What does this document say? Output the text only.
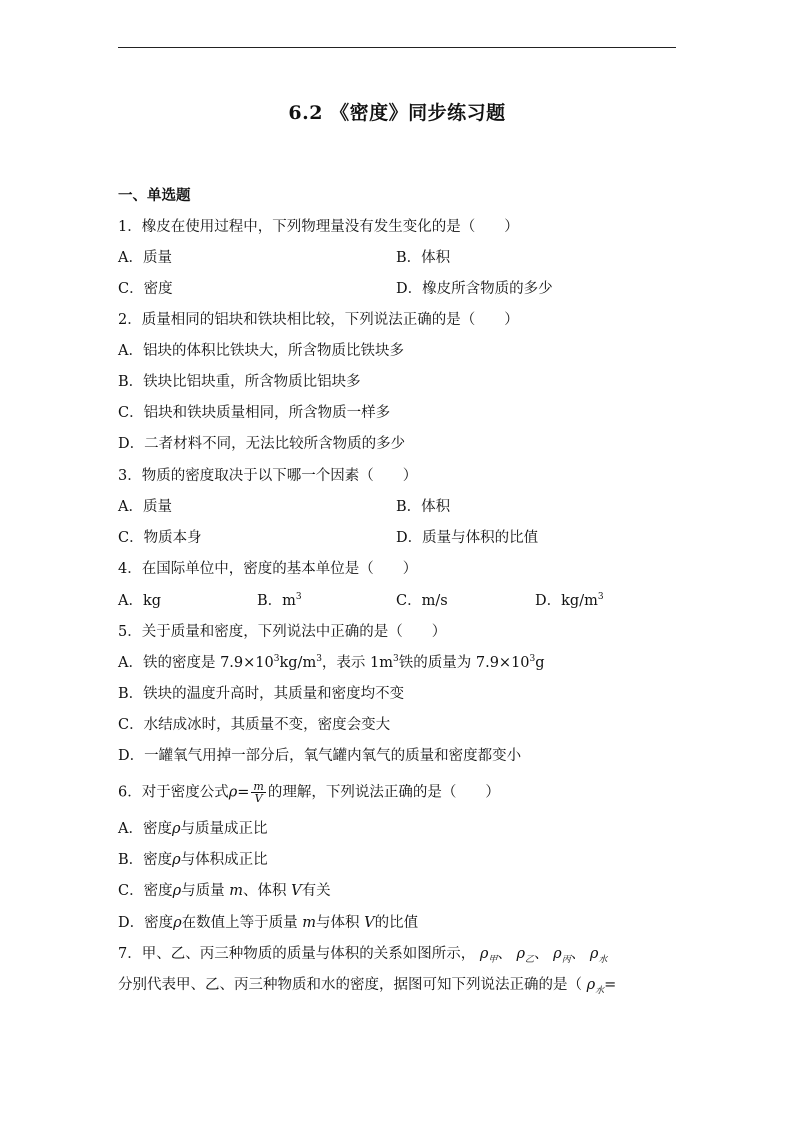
6.2 《密度》同步练习题
一、单选题
1．橡皮在使用过程中，下列物理量没有发生变化的是（　　）
A．质量	B．体积
C．密度	D．橡皮所含物质的多少
2．质量相同的铝块和铁块相比较，下列说法正确的是（　　）
A．铝块的体积比铁块大，所含物质比铁块多
B．铁块比铝块重，所含物质比铝块多
C．铝块和铁块质量相同，所含物质一样多
D．二者材料不同，无法比较所含物质的多少
3．物质的密度取决于以下哪一个因素（　　）
A．质量	B．体积
C．物质本身	D．质量与体积的比值
4．在国际单位中，密度的基本单位是（　　）
A．kg	B．$m^3$	C．m/s	D．$kg/m^3$
5．关于质量和密度，下列说法中正确的是（　　）
A．铁的密度是 $7.9\times 10^3kg/m^3$，表示 $1m^3$铁的质量为 $7.9\times 10^3g$
B．铁块的温度升高时，其质量和密度均不变
C．水结成冰时，其质量不变，密度会变大
D．一罐氧气用掉一部分后，氧气罐内氧气的质量和密度都变小
6．对于密度公式$\rho= \frac{m}{V}$ 的理解，下列说法正确的是（　　）
A．密度ρ与质量成正比
B．密度ρ与体积成正比
C．密度ρ与质量 m、体积 V有关
D．密度ρ在数值上等于质量 m与体积 V的比值
7．甲、乙、丙三种物质的质量与体积的关系如图所示， $\rho_甲$、 $\rho_乙$、 $\rho_丙$、 $\rho_水$
分别代表甲、乙、丙三种物质和水的密度，据图可知下列说法正确的是（ $\rho_水=$
